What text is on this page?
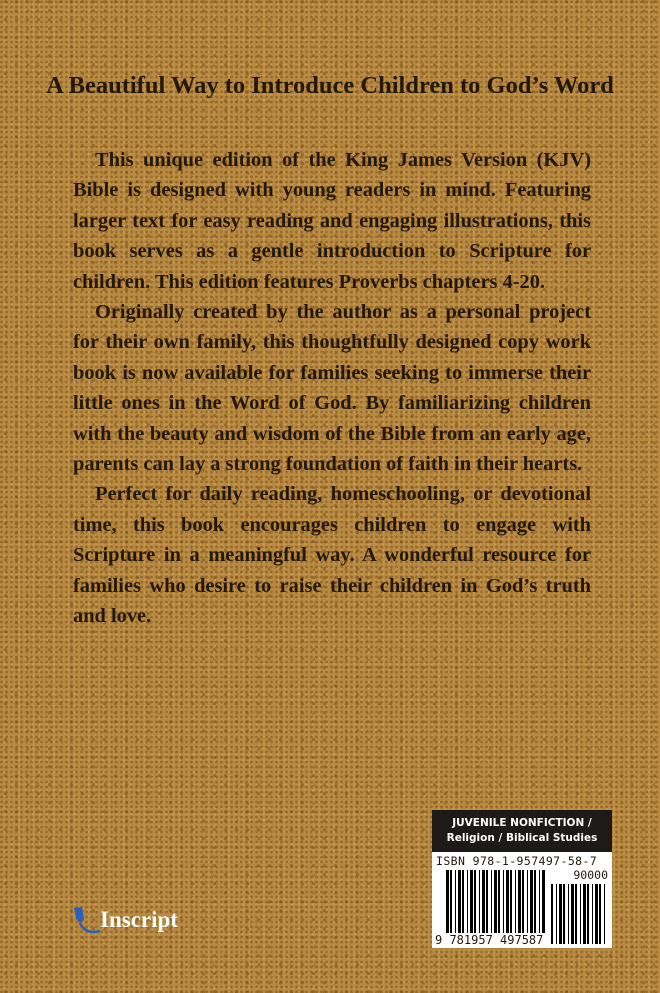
A Beautiful Way to Introduce Children to God’s Word

This unique edition of the King James Version (KJV) Bible is designed with young readers in mind. Featuring larger text for easy reading and engaging illustrations, this book serves as a gentle introduction to Scripture for children. This edition features Proverbs chapters 4-20.

Originally created by the author as a personal project for their own family, this thoughtfully designed copy work book is now available for families seeking to immerse their little ones in the Word of God. By familiarizing children with the beauty and wisdom of the Bible from an early age, parents can lay a strong foundation of faith in their hearts.

Perfect for daily reading, homeschooling, or devotional time, this book encourages children to engage with Scripture in a meaningful way. A wonderful resource for families who desire to raise their children in God’s truth and love.

JUVENILE NONFICTION / Religion / Biblical Studies
ISBN 978-1-957497-58-7
90000
9 781957 497587
Inscript
